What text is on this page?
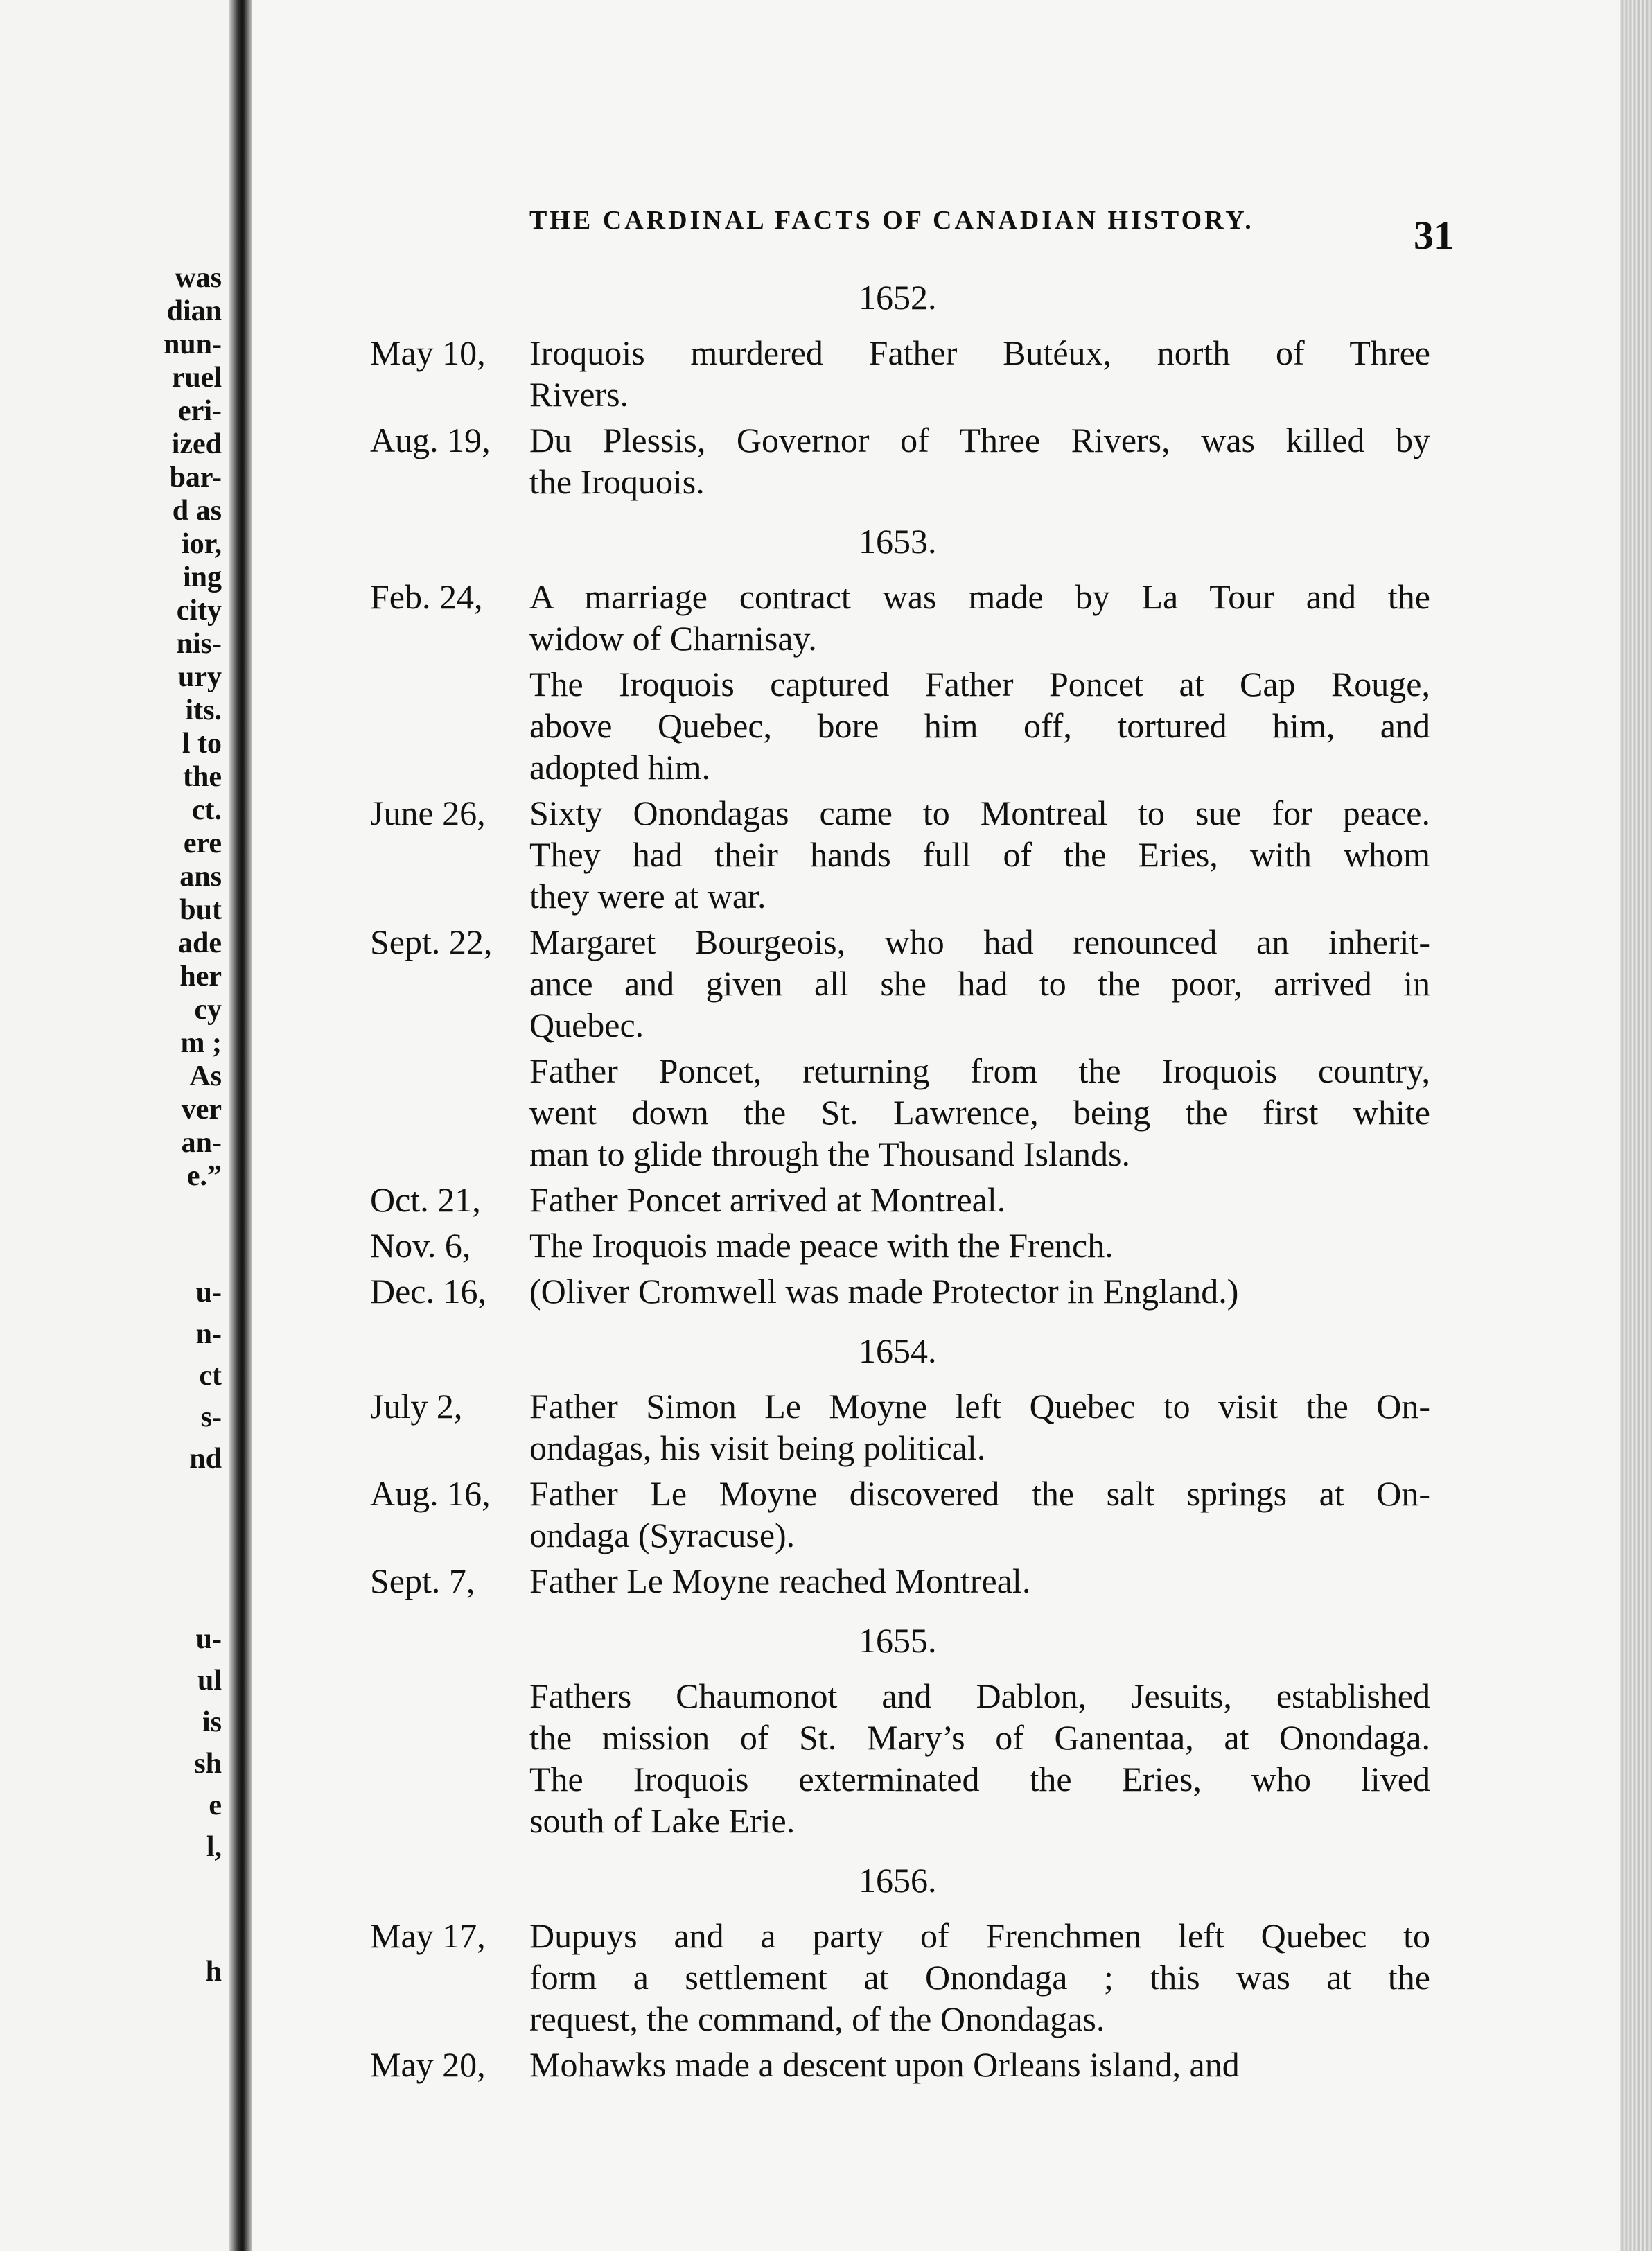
was
dian
nun-
ruel
eri-
ized
bar-
d as
ior,
ing
city
nis-
ury
its.
l to
the
ct.
ere
ans
but
ade
her
cy
m ;
As
ver
an-
e.”
u-
n-
ct
s-
nd
u-
ul
is
sh
e
l,
h
THE CARDINAL FACTS OF CANADIAN HISTORY.	31
1652.
May 10, Iroquois murdered Father Butéux, north of Three
Rivers.
Aug. 19, Du Plessis, Governor of Three Rivers, was killed by
the Iroquois.
1653.
Feb. 24, A marriage contract was made by La Tour and the
widow of Charnisay.
The Iroquois captured Father Poncet at Cap Rouge,
above Quebec, bore him off, tortured him, and
adopted him.
June 26, Sixty Onondagas came to Montreal to sue for peace.
They had their hands full of the Eries, with whom
they were at war.
Sept. 22, Margaret Bourgeois, who had renounced an inherit-
ance and given all she had to the poor, arrived in
Quebec.
Father Poncet, returning from the Iroquois country,
went down the St. Lawrence, being the first white
man to glide through the Thousand Islands.
Oct. 21, Father Poncet arrived at Montreal.
Nov. 6, The Iroquois made peace with the French.
Dec. 16, (Oliver Cromwell was made Protector in England.)
1654.
July 2, Father Simon Le Moyne left Quebec to visit the On-
ondagas, his visit being political.
Aug. 16, Father Le Moyne discovered the salt springs at On-
ondaga (Syracuse).
Sept. 7, Father Le Moyne reached Montreal.
1655.
Fathers Chaumonot and Dablon, Jesuits, established
the mission of St. Mary’s of Ganentaa, at Onondaga.
The Iroquois exterminated the Eries, who lived
south of Lake Erie.
1656.
May 17, Dupuys and a party of Frenchmen left Quebec to
form a settlement at Onondaga ; this was at the
request, the command, of the Onondagas.
May 20, Mohawks made a descent upon Orleans island, and
